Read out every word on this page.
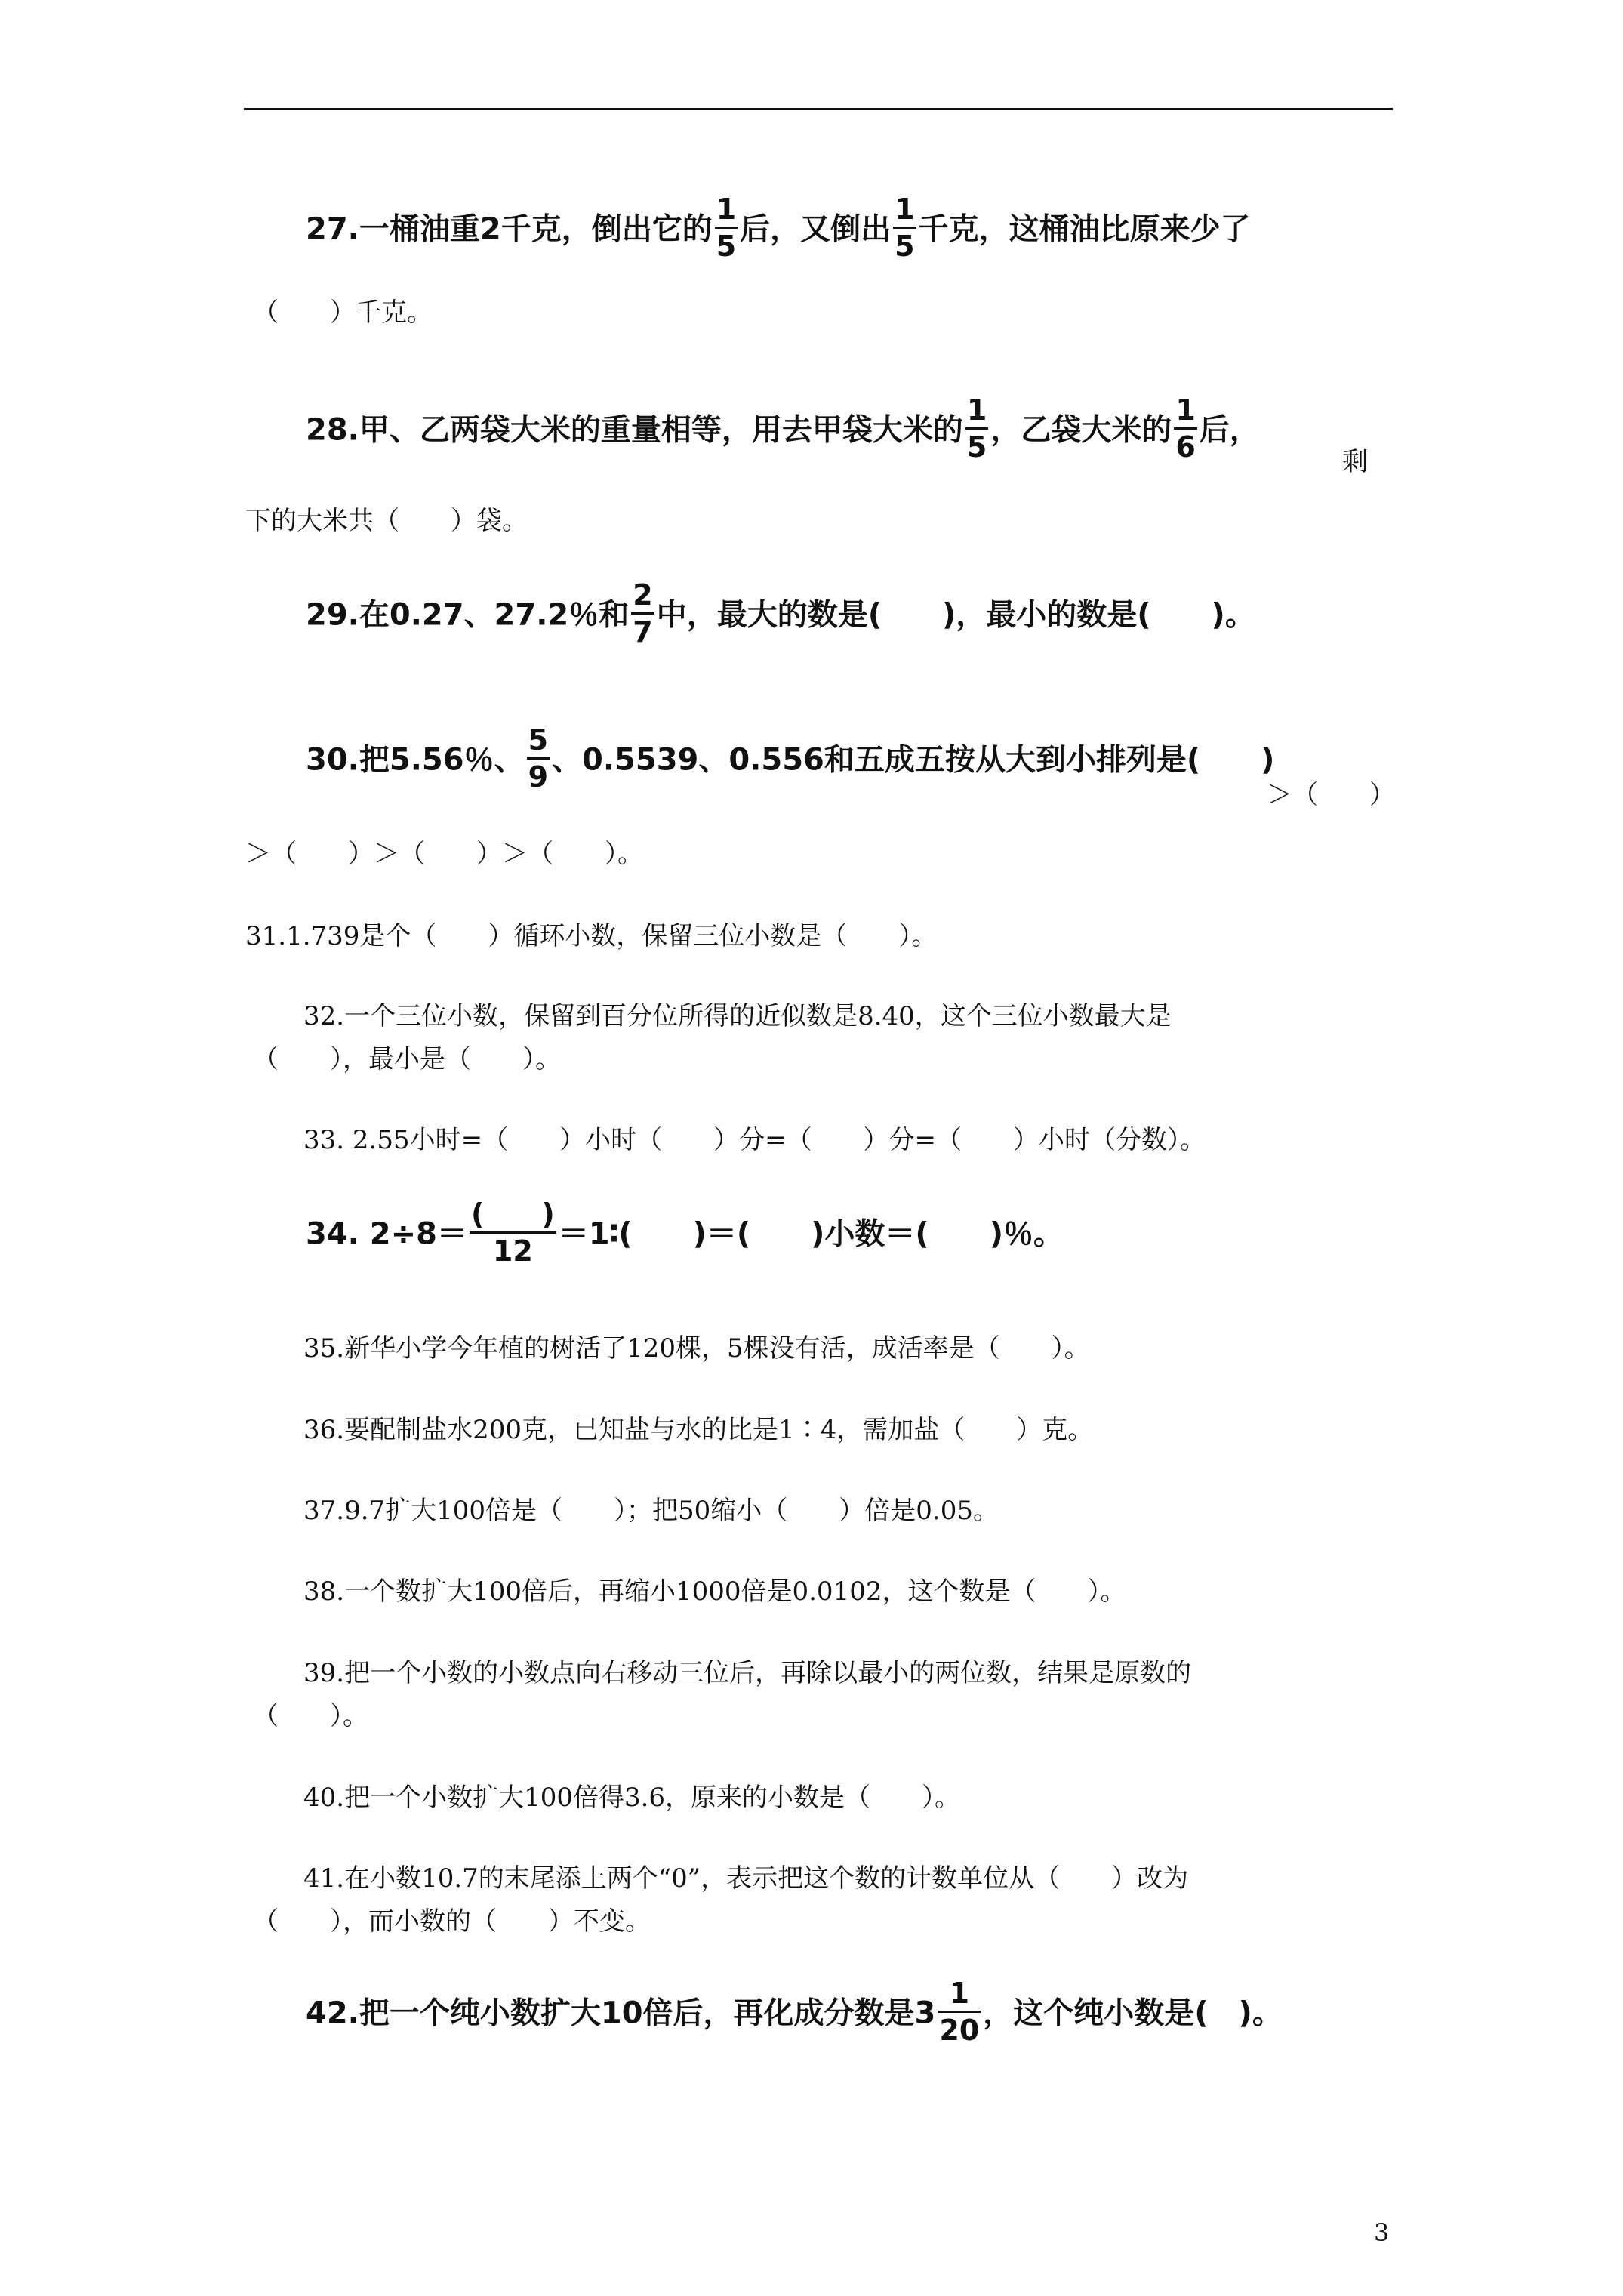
27.一桶油重2千克，倒出它的 $\frac{1}{5}$ 后，又倒出 $\frac{1}{5}$ 千克，这桶油比原来少了
（　　）千克。
28.甲、乙两袋大米的重量相等，用去甲袋大米的 $\frac{1}{5}$ ，乙袋大米的 $\frac{1}{6}$ 后，
剩
下的大米共（　　）袋。
29.在0.27、27.2％和 $\frac{2}{7}$ 中，最大的数是(　　)，最小的数是(　　)。
30.把5.56％、 $\frac{5}{9}$ 、0.5539、0.556和五成五按从大到小排列是(　　)
＞（　　）
＞（　　）＞（　　）＞（　　）。
31.1.739是个（　　）循环小数，保留三位小数是（　　）。
32.一个三位小数，保留到百分位所得的近似数是8.40，这个三位小数最大是
（　　），最小是（　　）。
33. 2.55小时=（　　）小时（　　）分=（　　）分=（　　）小时（分数）。
34. $2\div 8= \frac{( )}{12}$ ＝1∶(　　)＝(　　)小数＝(　　)％。
35.新华小学今年植的树活了120棵，5棵没有活，成活率是（　　）。
36.要配制盐水200克，已知盐与水的比是1∶4，需加盐（　　）克。
37.9.7扩大100倍是（　　）；把50缩小（　　）倍是0.05。
38.一个数扩大100倍后，再缩小1000倍是0.0102，这个数是（　　）。
39.把一个小数的小数点向右移动三位后，再除以最小的两位数，结果是原数的
（　　）。
40.把一个小数扩大100倍得3.6，原来的小数是（　　）。
41.在小数10.7的末尾添上两个“0”，表示把这个数的计数单位从（　　）改为
（　　），而小数的（　　）不变。
42.把一个纯小数扩大10倍后，再化成分数是$3 \frac{1}{20}$ ，这个纯小数是(　)。
3
